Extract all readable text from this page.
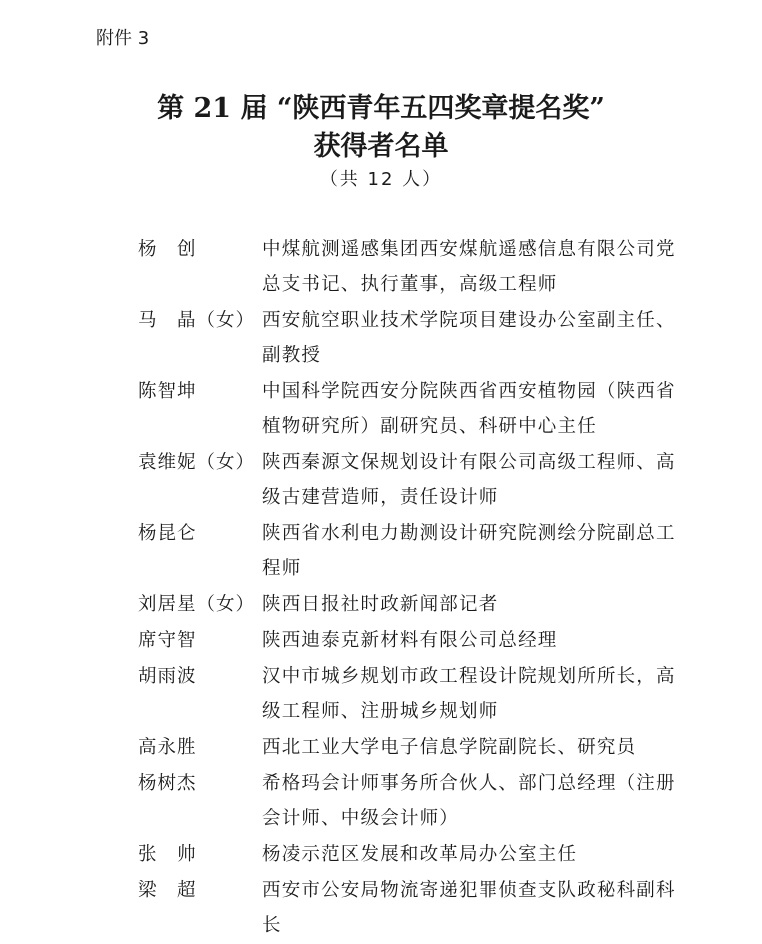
附件 3
第 21 届 “陕西青年五四奖章提名奖”
获得者名单
（共 12 人）
杨　创	中煤航测遥感集团西安煤航遥感信息有限公司党总支书记、执行董事，高级工程师
马　晶（女） 西安航空职业技术学院项目建设办公室副主任、副教授
陈智坤	中国科学院西安分院陕西省西安植物园（陕西省植物研究所）副研究员、科研中心主任
袁维妮（女） 陕西秦源文保规划设计有限公司高级工程师、高级古建营造师，责任设计师
杨昆仑	陕西省水利电力勘测设计研究院测绘分院副总工程师
刘居星（女） 陕西日报社时政新闻部记者
席守智	陕西迪泰克新材料有限公司总经理
胡雨波	汉中市城乡规划市政工程设计院规划所所长，高级工程师、注册城乡规划师
高永胜	西北工业大学电子信息学院副院长、研究员
杨树杰	希格玛会计师事务所合伙人、部门总经理（注册会计师、中级会计师）
张　帅	杨凌示范区发展和改革局办公室主任
梁　超	西安市公安局物流寄递犯罪侦查支队政秘科副科长
